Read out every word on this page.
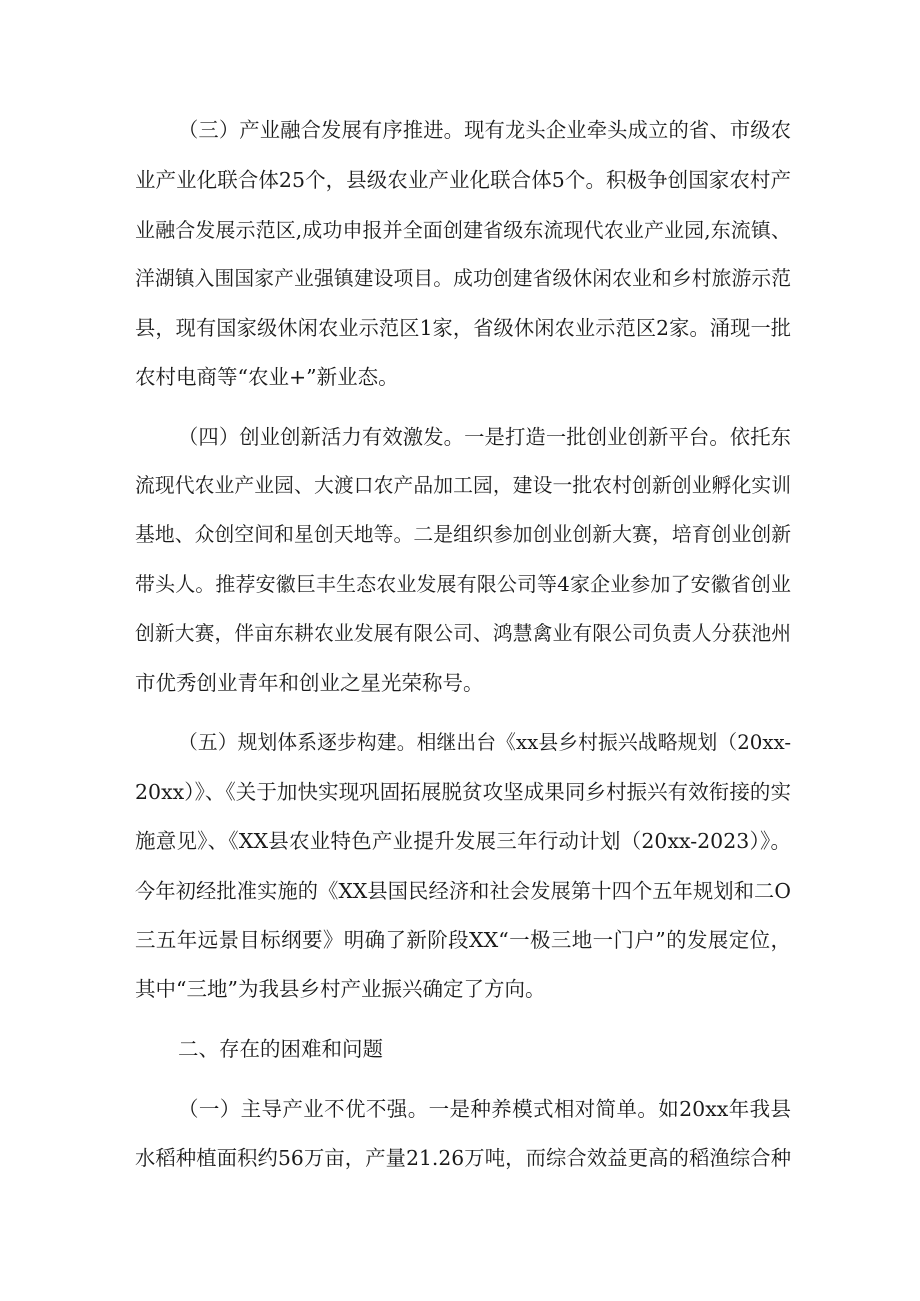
（三）产业融合发展有序推进。现有龙头企业牵头成立的省、市级农
业产业化联合体25个，县级农业产业化联合体5个。积极争创国家农村产
业融合发展示范区,成功申报并全面创建省级东流现代农业产业园,东流镇、
洋湖镇入围国家产业强镇建设项目。成功创建省级休闲农业和乡村旅游示范
县，现有国家级休闲农业示范区1家，省级休闲农业示范区2家。涌现一批
农村电商等“农业+”新业态。
（四）创业创新活力有效激发。一是打造一批创业创新平台。依托东
流现代农业产业园、大渡口农产品加工园，建设一批农村创新创业孵化实训
基地、众创空间和星创天地等。二是组织参加创业创新大赛，培育创业创新
带头人。推荐安徽巨丰生态农业发展有限公司等4家企业参加了安徽省创业
创新大赛，伴亩东耕农业发展有限公司、鸿慧禽业有限公司负责人分获池州
市优秀创业青年和创业之星光荣称号。
（五）规划体系逐步构建。相继出台《xx县乡村振兴战略规划（20xx-
20xx）》、《关于加快实现巩固拓展脱贫攻坚成果同乡村振兴有效衔接的实
施意见》、《XX县农业特色产业提升发展三年行动计划（20xx-2023）》。
今年初经批准实施的《XX县国民经济和社会发展第十四个五年规划和二O
三五年远景目标纲要》明确了新阶段XX“一极三地一门户”的发展定位，
其中“三地”为我县乡村产业振兴确定了方向。
二、存在的困难和问题
（一）主导产业不优不强。一是种养模式相对简单。如20xx年我县
水稻种植面积约56万亩，产量21.26万吨，而综合效益更高的稻渔综合种
